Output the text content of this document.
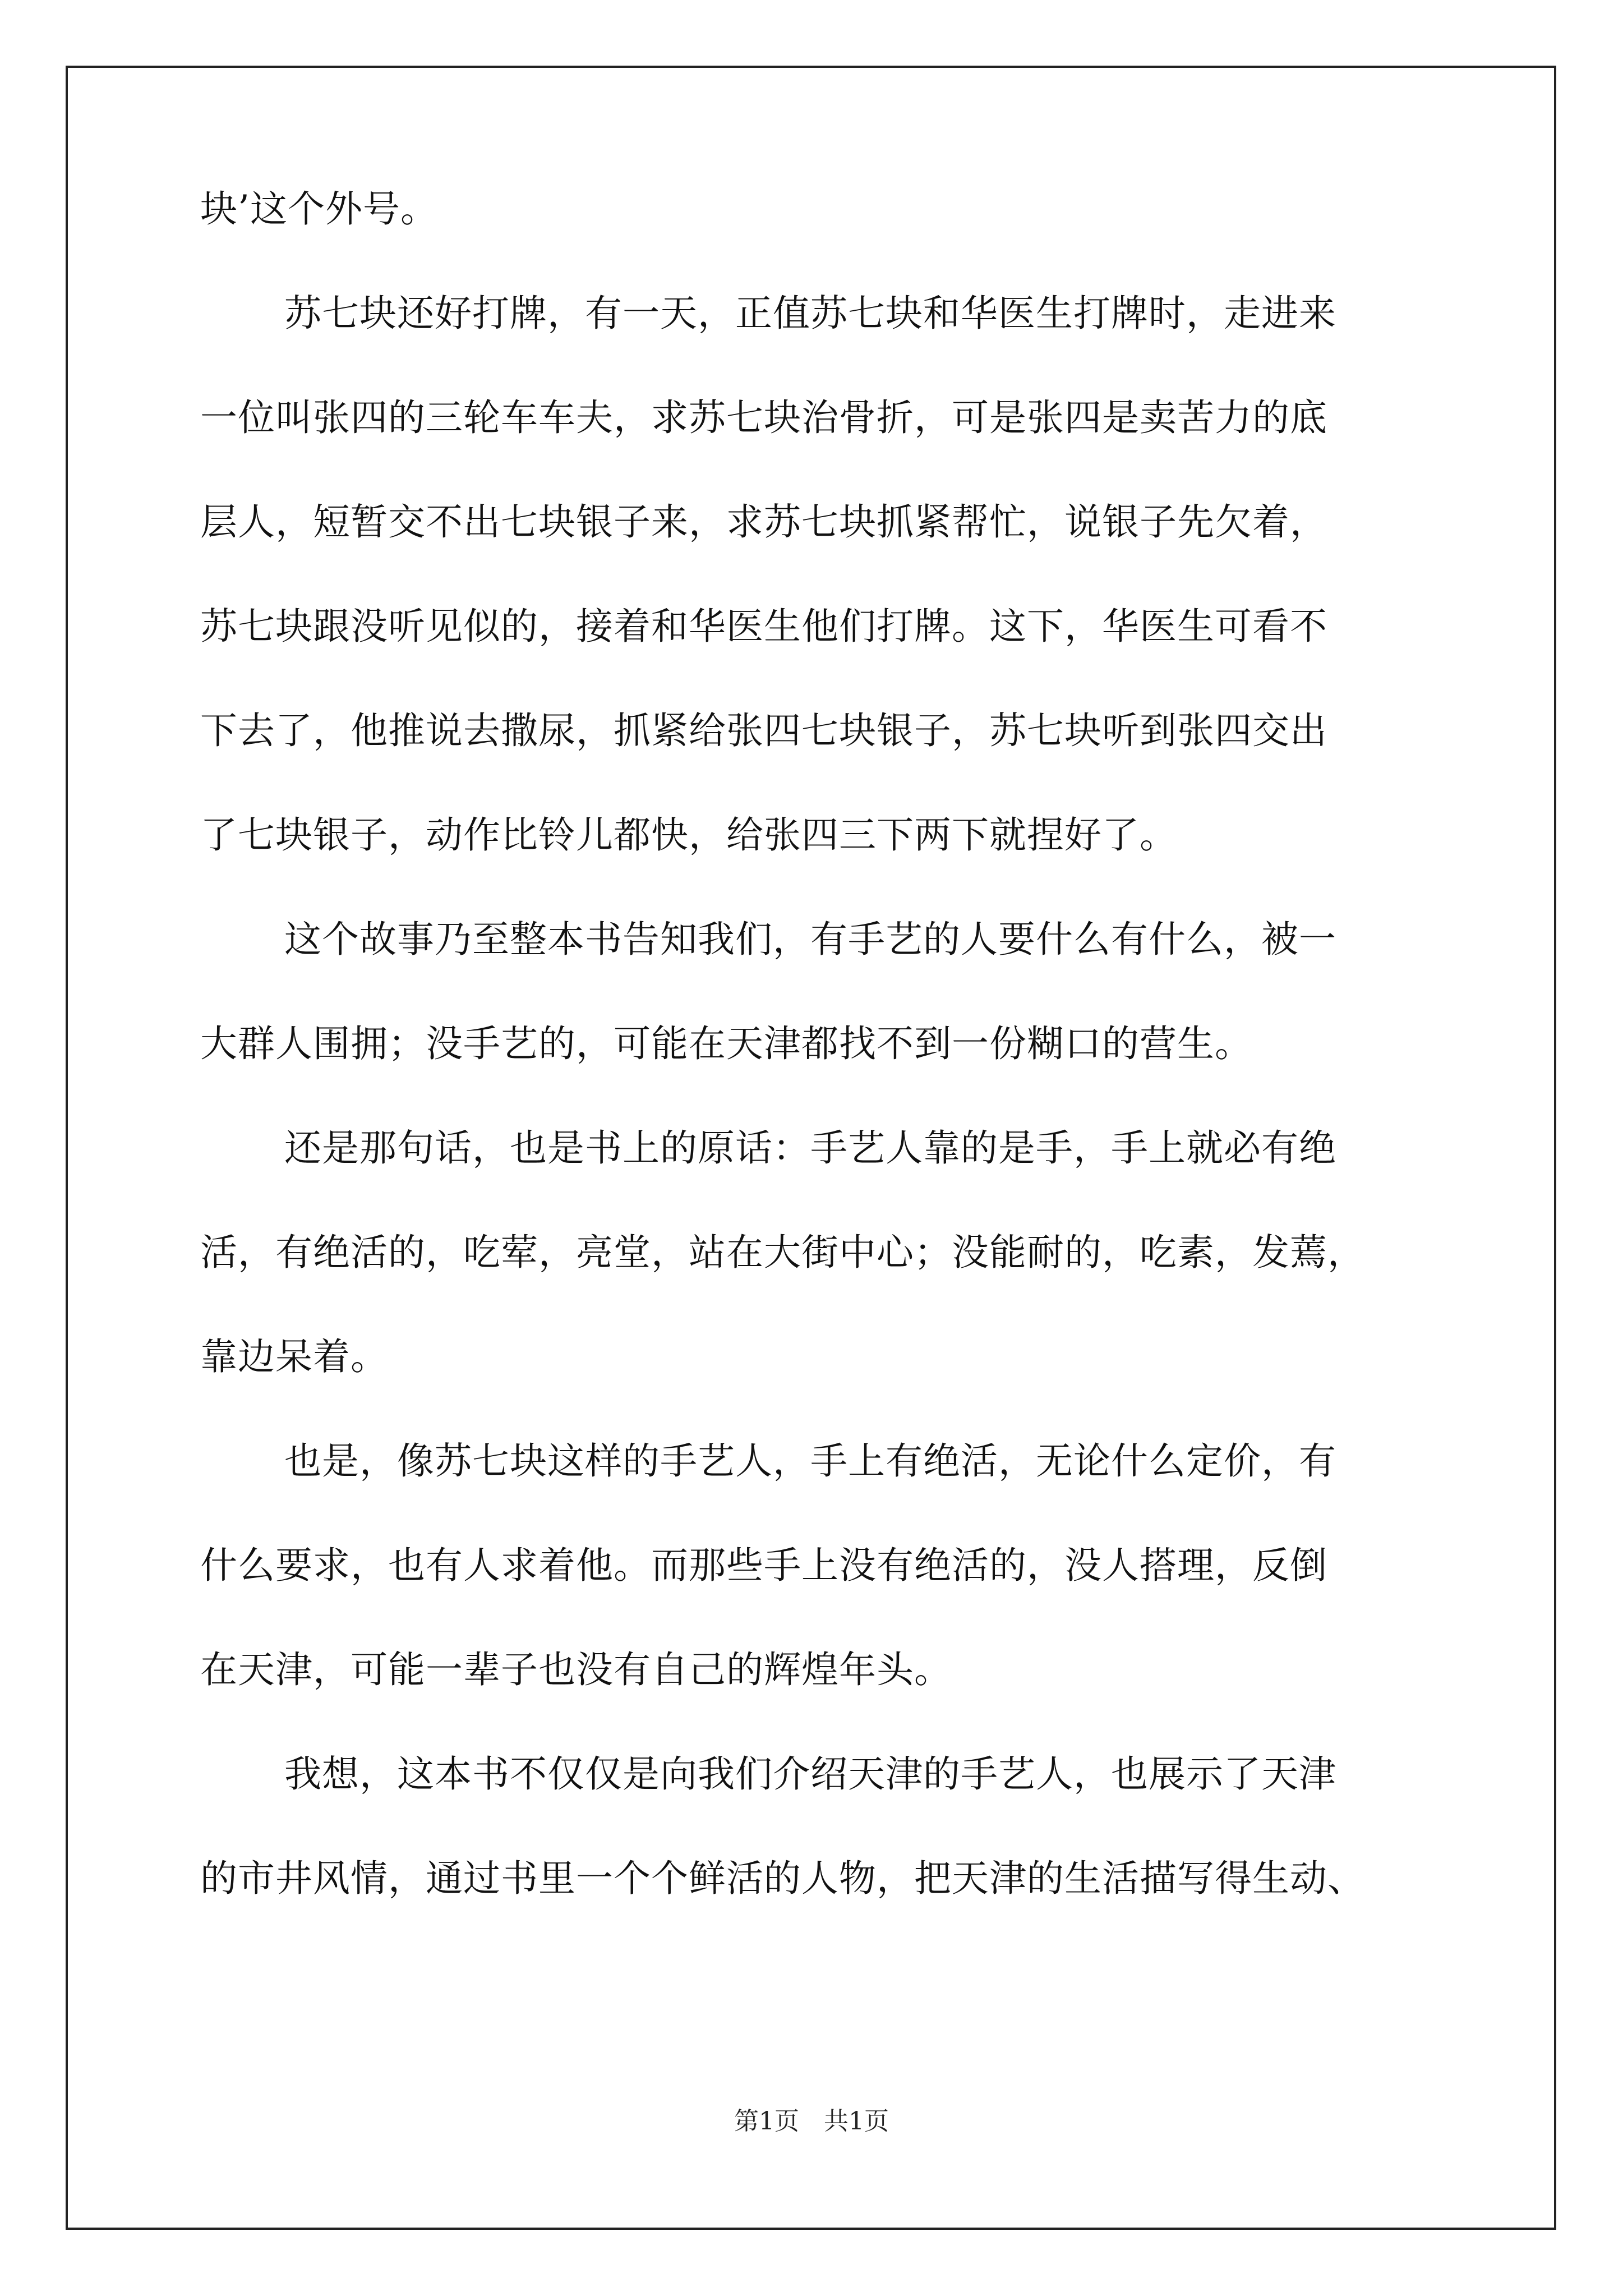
块’这个外号。
苏七块还好打牌，有一天，正值苏七块和华医生打牌时，走进来
一位叫张四的三轮车车夫，求苏七块治骨折，可是张四是卖苦力的底
层人，短暂交不出七块银子来，求苏七块抓紧帮忙，说银子先欠着，
苏七块跟没听见似的，接着和华医生他们打牌。这下，华医生可看不
下去了，他推说去撒尿，抓紧给张四七块银子，苏七块听到张四交出
了七块银子，动作比铃儿都快，给张四三下两下就捏好了。
这个故事乃至整本书告知我们，有手艺的人要什么有什么，被一
大群人围拥；没手艺的，可能在天津都找不到一份糊口的营生。
还是那句话，也是书上的原话：手艺人靠的是手，手上就必有绝
活，有绝活的，吃荤，亮堂，站在大街中心；没能耐的，吃素，发蔫，
靠边呆着。
也是，像苏七块这样的手艺人，手上有绝活，无论什么定价，有
什么要求，也有人求着他。而那些手上没有绝活的，没人搭理，反倒
在天津，可能一辈子也没有自己的辉煌年头。
我想，这本书不仅仅是向我们介绍天津的手艺人，也展示了天津
的市井风情，通过书里一个个鲜活的人物，把天津的生活描写得生动、
第1页　共1页
